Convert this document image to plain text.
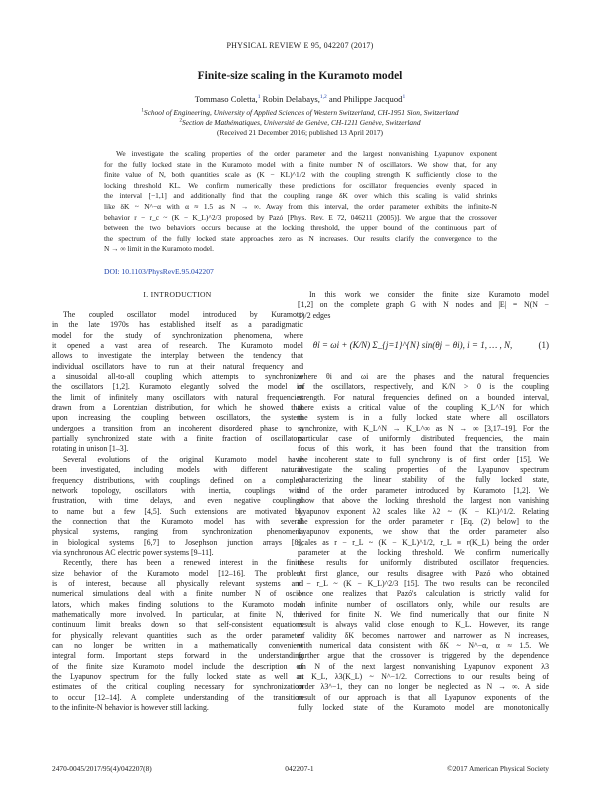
PHYSICAL REVIEW E 95, 042207 (2017)
Finite-size scaling in the Kuramoto model
Tommaso Coletta,$^1$ Robin Delabays,$^{1,2}$ and Philippe Jacquod$^1$
$^1$School of Engineering, University of Applied Sciences of Western Switzerland, CH-1951 Sion, Switzerland
$^2$Section de Mathématiques, Université de Genève, CH-1211 Genève, Switzerland
(Received 21 December 2016; published 13 April 2017)
We investigate the scaling properties of the order parameter and the largest nonvanishing Lyapunov exponent
for the fully locked state in the Kuramoto model with a finite number N of oscillators. We show that, for any
finite value of N, both quantities scale as (K − KL)^1/2 with the coupling strength K sufficiently close to the
locking threshold KL. We confirm numerically these predictions for oscillator frequencies evenly spaced in
the interval [−1,1] and additionally find that the coupling range δK over which this scaling is valid shrinks
like δK ~ N^−α with α ≈ 1.5 as N → ∞. Away from this interval, the order parameter exhibits the infinite-N
behavior r − r_c ~ (K − K_L)^2/3 proposed by Pazó [Phys. Rev. E 72, 046211 (2005)]. We argue that the crossover
between the two behaviors occurs because at the locking threshold, the upper bound of the continuous part of
the spectrum of the fully locked state approaches zero as N increases. Our results clarify the convergence to the
N → ∞ limit in the Kuramoto model.
DOI: 10.1103/PhysRevE.95.042207
I. INTRODUCTION
The coupled oscillator model introduced by Kuramoto
in the late 1970s has established itself as a paradigmatic
model for the study of synchronization phenomena, where
it opened a vast area of research. The Kuramoto model
allows to investigate the interplay between the tendency that
individual oscillators have to run at their natural frequency and
a sinusoidal all-to-all coupling which attempts to synchronize
the oscillators [1,2]. Kuramoto elegantly solved the model in
the limit of infinitely many oscillators with natural frequencies
drawn from a Lorentzian distribution, for which he showed that
upon increasing the coupling between oscillators, the system
undergoes a transition from an incoherent disordered phase to a
partially synchronized state with a finite fraction of oscillators
rotating in unison [1–3].
Several evolutions of the original Kuramoto model have
been investigated, including models with different natural
frequency distributions, with couplings defined on a complex
network topology, oscillators with inertia, couplings with
frustration, with time delays, and even negative couplings
to name but a few [4,5]. Such extensions are motivated by
the connection that the Kuramoto model has with several
physical systems, ranging from synchronization phenomena
in biological systems [6,7] to Josephson junction arrays [8],
via synchronous AC electric power systems [9–11].
Recently, there has been a renewed interest in the finite
size behavior of the Kuramoto model [12–16]. The problem
is of interest, because all physically relevant systems and
numerical simulations deal with a finite number N of oscil-
lators, which makes finding solutions to the Kuramoto model
mathematically more involved. In particular, at finite N, the
continuum limit breaks down so that self-consistent equations
for physically relevant quantities such as the order parameter
can no longer be written in a mathematically convenient
integral form. Important steps forward in the understanding
of the finite size Kuramoto model include the description of
the Lyapunov spectrum for the fully locked state as well as
estimates of the critical coupling necessary for synchronization
to occur [12–14]. A complete understanding of the transition
to the infinite-N behavior is however still lacking.
In this work we consider the finite size Kuramoto model
[1,2] on the complete graph G with N nodes and |E| = N(N −
1)/2 edges
θ̇i = ωi + (K/N) Σ_{j=1}^{N} sin(θj − θi), i = 1, … , N,	(1)
where θi and ωi are the phases and the natural frequencies
of the oscillators, respectively, and K/N > 0 is the coupling
strength. For natural frequencies defined on a bounded interval,
there exists a critical value of the coupling K_L^N for which
the system is in a fully locked state where all oscillators
synchronize, with K_L^N → K_L^∞ as N → ∞ [3,17–19]. For the
particular case of uniformly distributed frequencies, the main
focus of this work, it has been found that the transition from
the incoherent state to full synchrony is of first order [15]. We
investigate the scaling properties of the Lyapunov spectrum
characterizing the linear stability of the fully locked state,
and of the order parameter introduced by Kuramoto [1,2]. We
show that above the locking threshold the largest non vanishing
Lyapunov exponent λ2 scales like λ2 ~ (K − KL)^1/2. Relating
the expression for the order parameter r [Eq. (2) below] to the
Lyapunov exponents, we show that the order parameter also
scales as r − r_L ~ (K − K_L)^1/2, r_L ≡ r(K_L) being the order
parameter at the locking threshold. We confirm numerically
these results for uniformly distributed oscillator frequencies.
At first glance, our results disagree with Pazó who obtained
r − r_L ~ (K − K_L)^2/3 [15]. The two results can be reconciled
once one realizes that Pazó's calculation is strictly valid for
an infinite number of oscillators only, while our results are
derived for finite N. We find numerically that our finite N
result is always valid close enough to K_L. However, its range
of validity δK becomes narrower and narrower as N increases,
with numerical data consistent with δK ~ N^−α, α ≈ 1.5. We
further argue that the crossover is triggered by the dependence
on N of the next largest nonvanishing Lyapunov exponent λ3
at K_L, λ3(K_L) ~ N^−1/2. Corrections to our results being of
order λ3^−1, they can no longer be neglected as N → ∞. A side
result of our approach is that all Lyapunov exponents of the
fully locked state of the Kuramoto model are monotonically
2470-0045/2017/95(4)/042207(8)	042207-1	©2017 American Physical Society
